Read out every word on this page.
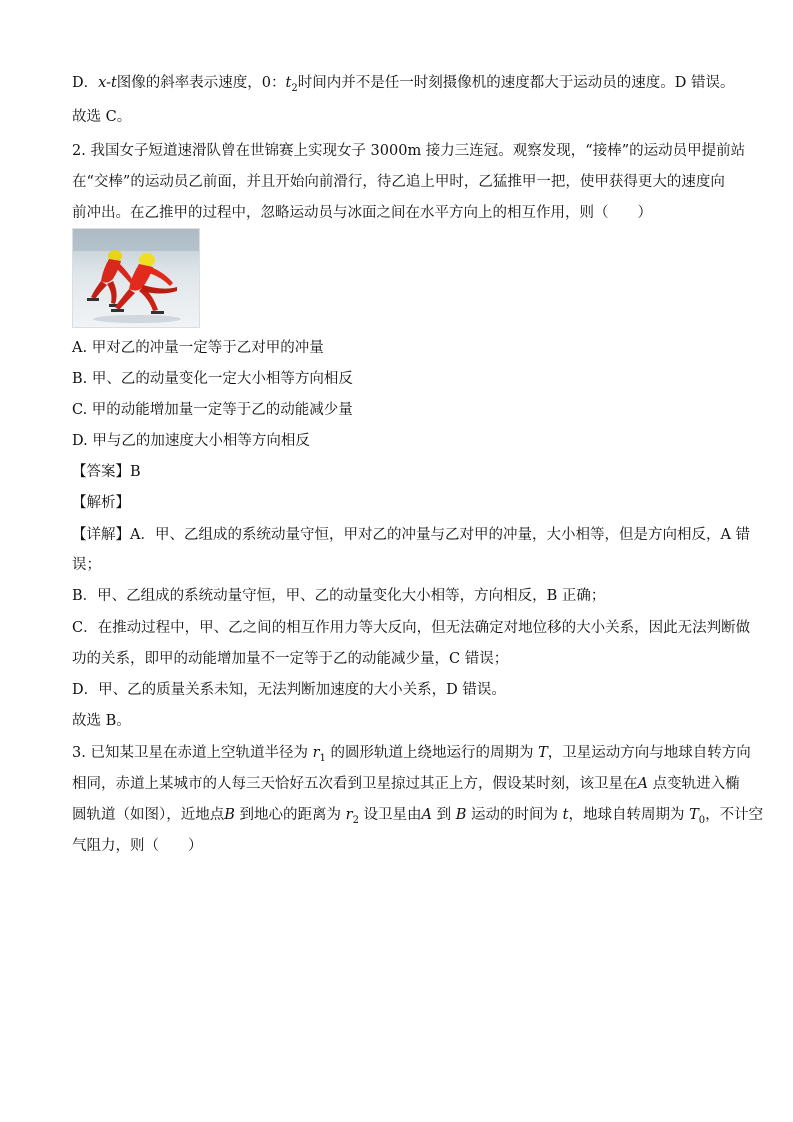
D．x-t图像的斜率表示速度，0：$t_2$时间内并不是任一时刻摄像机的速度都大于运动员的速度。D 错误。
故选 C。
2. 我国女子短道速滑队曾在世锦赛上实现女子 3000m 接力三连冠。观察发现，“接棒”的运动员甲提前站
在“交棒”的运动员乙前面，并且开始向前滑行，待乙追上甲时，乙猛推甲一把，使甲获得更大的速度向
前冲出。在乙推甲的过程中，忽略运动员与冰面之间在水平方向上的相互作用，则（　　）
A. 甲对乙的冲量一定等于乙对甲的冲量
B. 甲、乙的动量变化一定大小相等方向相反
C. 甲的动能增加量一定等于乙的动能减少量
D. 甲与乙的加速度大小相等方向相反
【答案】B
【解析】
【详解】A．甲、乙组成的系统动量守恒，甲对乙的冲量与乙对甲的冲量，大小相等，但是方向相反，A 错
误；
B．甲、乙组成的系统动量守恒，甲、乙的动量变化大小相等，方向相反，B 正确；
C．在推动过程中，甲、乙之间的相互作用力等大反向，但无法确定对地位移的大小关系，因此无法判断做
功的关系，即甲的动能增加量不一定等于乙的动能减少量，C 错误；
D．甲、乙的质量关系未知，无法判断加速度的大小关系，D 错误。
故选 B。
3. 已知某卫星在赤道上空轨道半径为 $r_1$ 的圆形轨道上绕地运行的周期为 T，卫星运动方向与地球自转方向
相同，赤道上某城市的人每三天恰好五次看到卫星掠过其正上方，假设某时刻，该卫星在A 点变轨进入椭
圆轨道（如图），近地点B 到地心的距离为 $r_2$ 设卫星由A 到 B 运动的时间为 t，地球自转周期为 $T_0$，不计空
气阻力，则（　　）
